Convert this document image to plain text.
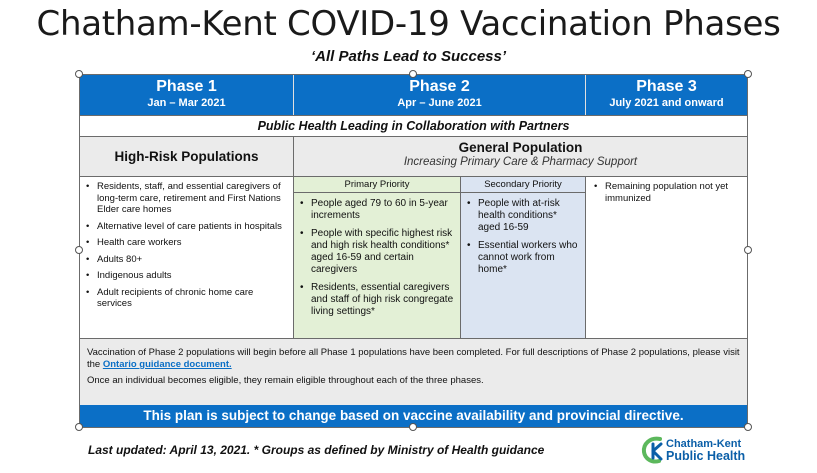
Chatham-Kent COVID-19 Vaccination Phases
‘All Paths Lead to Success’
Phase 1
Jan – Mar 2021
Phase 2
Apr – June 2021
Phase 3
July 2021 and onward
Public Health Leading in Collaboration with Partners
High-Risk Populations
General Population
Increasing Primary Care & Pharmacy Support
• Residents, staff, and essential caregivers of long-term care, retirement and First Nations Elder care homes
• Alternative level of care patients in hospitals
• Health care workers
• Adults 80+
• Indigenous adults
• Adult recipients of chronic home care services
Primary Priority
• People aged 79 to 60 in 5-year increments
• People with specific highest risk and high risk health conditions* aged 16-59 and certain caregivers
• Residents, essential caregivers and staff of high risk congregate living settings*
Secondary Priority
• People with at-risk health conditions* aged 16-59
• Essential workers who cannot work from home*
• Remaining population not yet immunized

Vaccination of Phase 2 populations will begin before all Phase 1 populations have been completed. For full descriptions of Phase 2 populations, please visit the Ontario guidance document.

Once an individual becomes eligible, they remain eligible throughout each of the three phases.

This plan is subject to change based on vaccine availability and provincial directive.
Last updated: April 13, 2021. * Groups as defined by Ministry of Health guidance	Chatham-Kent
Public Health
